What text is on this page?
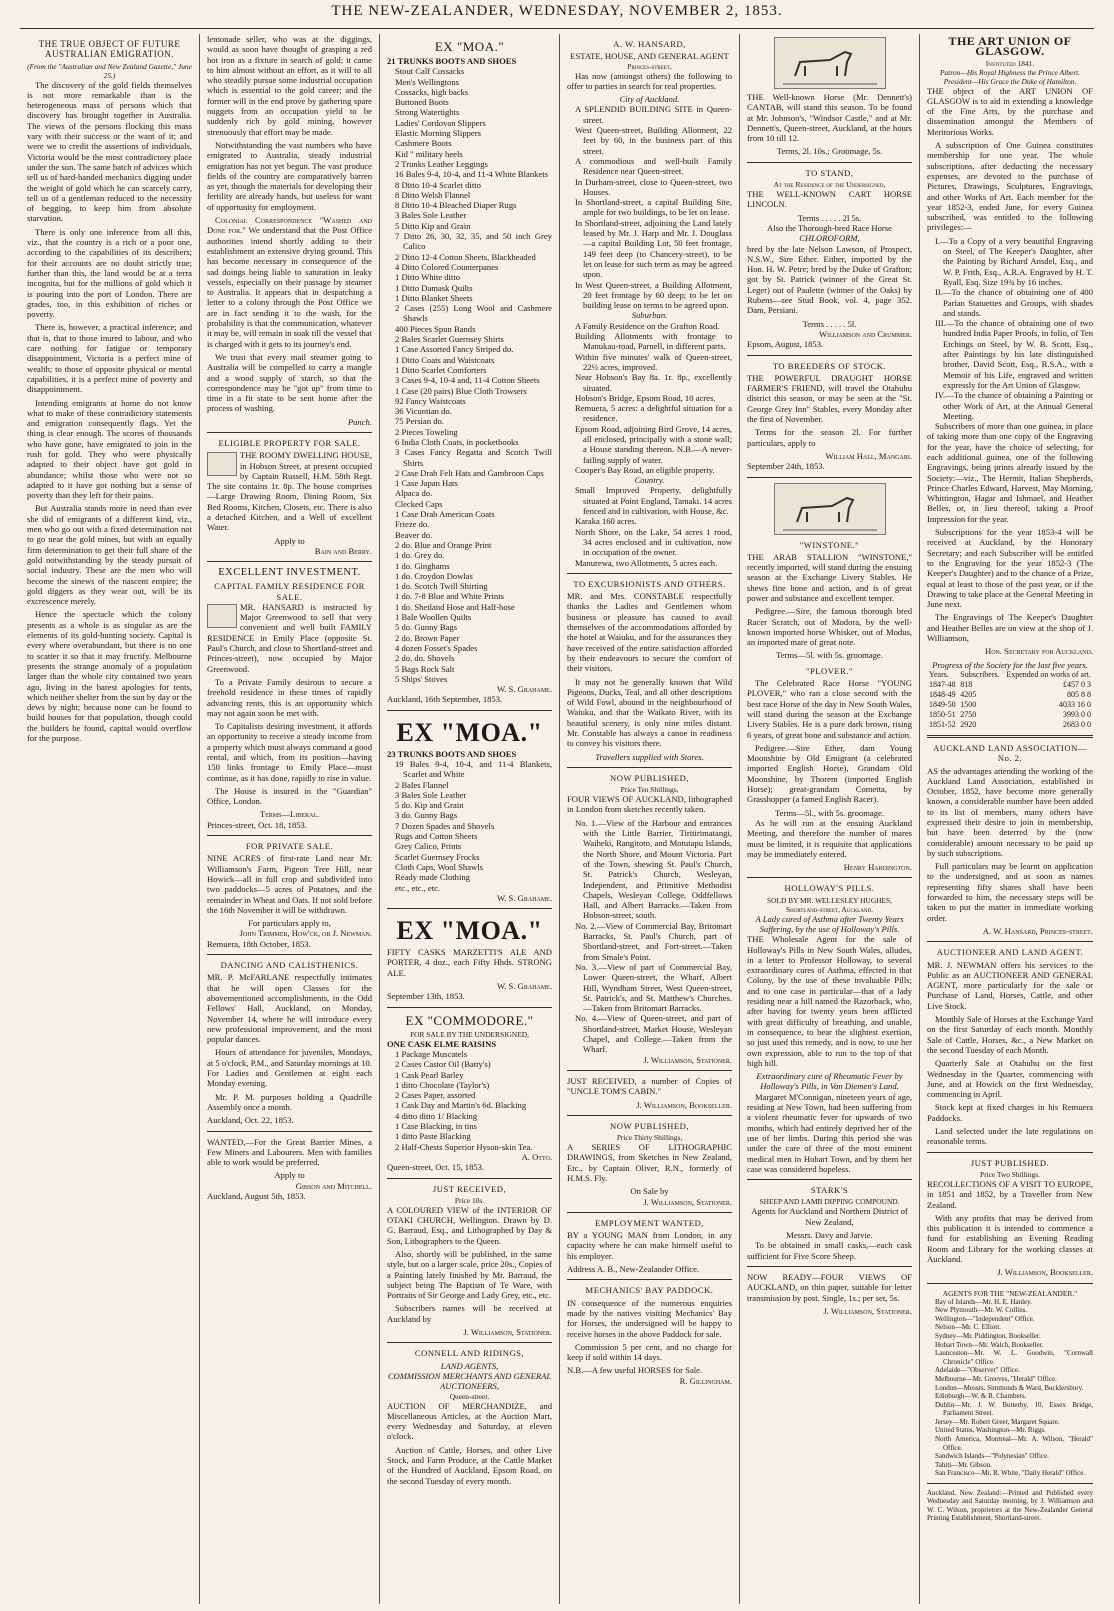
THE NEW-ZEALANDER, WEDNESDAY, NOVEMBER 2, 1853.
THE TRUE OBJECT OF FUTURE AUSTRALIAN EMIGRATION.
(From the "Australian and New Zealand Gazette," June 25.)

The discovery of the gold fields themselves is not more remarkable than is the heterogeneous mass of persons which that discovery has brought together in Australia. The views of the persons flocking this mass vary with their success or the want of it; and were we to credit the assertions of individuals, Victoria would be the most contradictory place under the sun. The same batch of advices which tell us of hard-handed mechanics digging under the weight of gold which he can scarcely carry, tell us of a gentleman reduced to the necessity of begging, to keep him from absolute starvation.

There is only one inference from all this, viz., that the country is a rich or a poor one, according to the capabilities of its describers; for their accounts are no doubt strictly true; further than this, the land would be at a terra incognita, but for the millions of gold which it is pouring into the port of London. There are grades, too, in this exhibition of riches or poverty.

There is, however, a practical inference; and that is, that to those inured to labour, and who care nothing for fatigue or temporary disappointment, Victoria is a perfect mine of wealth; to those of opposite physical or mental capabilities, it is a perfect mine of poverty and disappointment.

Intending emigrants at home do not know what to make of these contradictory statements and emigration consequently flags. Yet the thing is clear enough. The scores of thousands who have gone, have emigrated to join in the rush for gold. They who were physically adapted to their object have got gold in abundance; whilst those who were not so adapted to it have got nothing but a sense of poverty than they left for their pains.

But Australia stands more in need than ever she did of emigrants of a different kind, viz., men who go out with a fixed determination not to go near the gold mines, but with an equally firm determination to get their full share of the gold notwithstanding by the steady pursuit of social industry. These are the men who will become the sinews of the nascent empire; the gold diggers as they wear out, will be its excrescence merely.

Hence the spectacle which the colony presents as a whole is as singular as are the elements of its gold-hunting society. Capital is every where overabundant, but there is no one to scatter it so that it may fructify. Melbourne presents the strange anomaly of a population larger than the whole city contained two years ago, living in the barest apologies for tents, which neither shelter from the sun by day or the dews by night; because none can be found to build houses for that population, though could the builders be found, capital would overflow for the purpose.

lemonade seller, who was at the diggings, would as soon have thought of grasping a red hot iron as a fixture in search of gold; it came to him almost without an effort, as it will to all who steadily pursue some industrial occupation which is essential to the gold career; and the former will in the end prove by gathering spare nuggets from an occupation yield to be suddenly rich by gold mining, however strenuously that effort may be made.

Notwithstanding the vast numbers who have emigrated to Australia, steady industrial emigration has not yet begun. The vast produce fields of the country are comparatively barren as yet, though the materials for developing their fertility are already hands, but useless for want of opportunity for employment.

Colonial Correspondence "Washed and Done for." We understand that the Post Office authorities intend shortly adding to their establishment an extensive drying ground. This has become necessary in consequence of the sad doings being liable to saturation in leaky vessels, especially on their passage by steamer to Australia. It appears that in despatching a letter to a colony through the Post Office we are in fact sending it to the wash, for the probability is that the communication, whatever it may be, will remain in soak till the vessel that is charged with it gets to its journey's end.

We trust that every mail steamer going to Australia will be compelled to carry a mangle and a wood supply of starch, so that the correspondence may be "got up" from time to time in a fit state to be sent home after the process of washing.

Punch.
ELIGIBLE PROPERTY FOR SALE.

THE ROOMY DWELLING HOUSE, in Hobson Street, at present occupied by Captain Russell, H.M. 58th Regt. The site contains 1r. 8p. The house comprises—Large Drawing Room, Dining Room, Six Bed Rooms, Kitchen, Closets, etc. There is also a detached Kitchen, and a Well of excellent Water.

Apply to
Bain and Berry.
EXCELLENT INVESTMENT.
CAPITAL FAMILY RESIDENCE FOR SALE.

MR. HANSARD is instructed by Major Greenwood to sell that very convenient and well built FAMILY RESIDENCE in Emily Place (opposite St. Paul's Church, and close to Shortland-street and Princes-street), now occupied by Major Greenwood.

To a Private Family desirous to secure a freehold residence in these times of rapidly advancing rents, this is an opportunity which may not again soon be met with.

To Capitalists desiring investment, it affords an opportunity to receive a steady income from a property which must always command a good rental, and which, from its position—having 150 links frontage to Emily Place—must continue, as it has done, rapidly to rise in value.

The House is insured in the "Guardian" Office, London.

Terms—Liberal.
Princes-street, Oct. 18, 1853.
FOR PRIVATE SALE.

NINE ACRES of first-rate Land near Mr. Williamson's Farm, Pigeon Tree Hill, near Howick—all in full crop and subdivided into two paddocks—5 acres of Potatoes, and the remainder in Wheat and Oats. If not sold before the 16th November it will be withdrawn.

For particulars apply to,
John Trimmer, How'ck, or J. Newman.
Remuera, 18th October, 1853.
DANCING AND CALISTHENICS.

MR. P. McFARLANE respectfully intimates that he will open Classes for the abovementioned accomplishments, in the Odd Fellows' Hall, Auckland, on Monday, November 14, where he will introduce every new professional improvement, and the most popular dances.

Hours of attendance for juveniles, Mondays, at 5 o'clock, P.M., and Saturday mornings at 10. For Ladies and Gentlemen at eight each Monday evening.

Mr. P. M. purposes holding a Quadrille Assembly once a month.

Auckland, Oct. 22, 1853.

WANTED,—For the Great Barrier Mines, a Few Miners and Labourers. Men with families able to work would be preferred.

Apply to
Gibson and Mitchell.
Auckland, August 5th, 1853.
EX "MOA."
21 TRUNKS BOOTS AND SHOES
Stout Calf Cossacks
Men's Wellingtons
Cossacks, high backs
Buttoned Boots
Strong Watertights
Ladies' Cordovan Slippers
Elastic Morning Slippers
Cashmere Boots
Kid " military heels
2 Trunks Leather Leggings
16 Bales 9-4, 10-4, and 11-4 White Blankets
8 Ditto 10-4 Scarlet ditto
8 Ditto Welsh Flannel
8 Ditto 10-4 Bleached Diaper Rugs
3 Bales Sole Leather
5 Ditto Kip and Grain
7 Ditto 26, 30, 32, 35, and 50 inch Grey Calico
2 Ditto 12-4 Cotton Sheets, Blackheaded
4 Ditto Colored Counterpanes
1 Ditto White ditto
1 Ditto Damask Quilts
1 Ditto Blanket Sheets
2 Cases (255) Long Wool and Cashmere Shawls
400 Pieces Spun Bands
2 Bales Scarlet Guernsey Shirts
1 Case Assorted Fancy Striped do.
1 Ditto Coats and Waistcoats
1 Ditto Scarlet Comforters
3 Cases 9-4, 10-4 and, 11-4 Cotton Sheets
1 Case (20 pairs) Blue Cloth Trowsers
92 Fancy Waistcoats
36 Vicuntian do.
75 Persian do.
2 Pieces Toweling
6 India Cloth Coats, in pocketbooks
3 Cases Fancy Regatta and Scotch Twill Shirts
2 Case Drab Felt Hats and Gambroon Caps
1 Case Japan Hats
Alpaca do.
Clecked Caps
1 Case Drab American Coats
Frieze do.
Beaver do.
2 do. Blue and Orange Print
1 do. Grey do.
1 do. Ginghams
1 do. Croydon Dowlas
1 do. Scotch Twill Shirting
1 do. 7-8 Blue and White Prints
1 do. Shetland Hose and Half-hose
1 Bale Woollen Quilts
5 do. Gunny Bags
2 do. Brown Paper
4 dozen Fosset's Spades
2 do. do. Shovels
5 Bags Rock Salt
5 Ships' Stoves
W. S. Grahame.
Auckland, 16th September, 1853.
EX "MOA."
23 TRUNKS BOOTS AND SHOES
19 Bales 9-4, 10-4, and 11-4 Blankets, Scarlet and White
2 Bales Flannel
3 Bales Sole Leather
5 do. Kip and Grain
3 do. Gunny Bags
7 Dozen Spades and Shovels
Rugs and Cotton Sheets
Grey Calico, Prints
Scarlet Guernsey Frocks
Cloth Caps, Wool Shawls
Ready made Clothing
etc., etc., etc.
W. S. Grahame.
EX "MOA."

FIFTY CASKS MARZETTI'S ALE AND PORTER, 4 doz., each Fifty Hhds. STRONG ALE.

W. S. Grahame.
September 13th, 1853.
EX "COMMODORE."
FOR SALE BY THE UNDERSIGNED,
ONE CASK ELME RAISINS
1 Package Muscatels
2 Cases Castor Oil (Batty's)
1 Cask Pearl Barley
1 ditto Chocolate (Taylor's)
2 Cases Paper, assorted
1 Cask Day and Martin's 6d. Blacking
4 ditto ditto 1/ Blacking
1 Case Blacking, in tins
1 ditto Paste Blacking
2 Half-Chests Superior Hyson-skin Tea.
A. Otto.
Queen-street, Oct. 15, 1853.
JUST RECEIVED,
Price 10s.

A COLOURED VIEW of the INTERIOR OF OTAKI CHURCH, Wellington. Drawn by D. G. Barraud, Esq., and Lithographed by Day & Son, Lithographers to the Queen.

Also, shortly will be published, in the same style, but on a larger scale, price 20s., Copies of a Painting lately finished by Mr. Barraud, the subject being The Baptism of Te Ware, with Portraits of Sir George and Lady Grey, etc., etc.

Subscribers names will be received at Auckland by

J. Williamson, Stationer.
CONNELL AND RIDINGS,
LAND AGENTS,
COMMISSION MERCHANTS AND GENERAL AUCTIONEERS,
Queen-street.

AUCTION OF MERCHANDIZE, and Miscellaneous Articles, at the Auction Mart, every Wednesday and Saturday, at eleven o'clock.

Auction of Cattle, Horses, and other Live Stock, and Farm Produce, at the Cattle Market of the Hundred of Auckland, Epsom Road, on the second Tuesday of every month.

A. W. HANSARD,
ESTATE, HOUSE, AND GENERAL AGENT
Princes-street,

Has now (amongst others) the following to offer to parties in search for real properties.

City of Auckland.
A SPLENDID BUILDING SITE in Queen-street.
West Queen-street, Building Allotment, 22 feet by 60, in the business part of this street.
A commodious and well-built Family Residence near Queen-street.
In Durham-street, close to Queen-street, two Houses.
In Shortland-street, a capital Building Site, ample for two buildings, to be let on lease.
In Shortland-street, adjoining the Land lately leased by Mr. J. Harp and Mr. J. Douglass—a capital Building Lot, 50 feet frontage, 149 feet deep (to Chancery-street), to be let on lease for such term as may be agreed upon.
In West Queen-street, a Building Allotment, 20 feet frontage by 60 deep; to be let on building lease on terms to be agreed upon.
Suburban.
A Family Residence on the Grafton Road.
Building Allotments with frontage to Manukau-road, Parnell, in different parts.
Within five minutes' walk of Queen-street, 22½ acres, improved.
Near Hobson's Bay 8a. 1r. 8p., excellently situated.
Hobson's Bridge, Epsom Road, 10 acres.
Remuera, 5 acres: a delightful situation for a residence.
Epsom Road, adjoining Bird Grove, 14 acres, all enclosed, principally with a stone wall; a House standing thereon. N.B.—A never-failing supply of water.
Cooper's Bay Road, an eligible property.
Country.
Small Improved Property, delightfully situated at Point England, Tamaki. 14 acres fenced and in cultivation, with House, &c.
Karaka 160 acres.
North Shore, on the Lake, 54 acres 1 rood, 34 acres enclosed and in cultivation, now in occupation of the owner.
Manurewa, two Allotments, 5 acres each.
TO EXCURSIONISTS AND OTHERS.

MR. and Mrs. CONSTABLE respectfully thanks the Ladies and Gentlemen whom business or pleasure has caused to avail themselves of the accommodations afforded by the hotel at Waiuku, and for the assurances they have received of the entire satisfaction afforded by their endeavours to secure the comfort of their visitors.

It may not be generally known that Wild Pigeons, Ducks, Teal, and all other descriptions of Wild Fowl, abound in the neighbourhood of Waiuku, and that the Waikato River, with its beautiful scenery, is only nine miles distant. Mr. Constable has always a canoe in readiness to convey his visitors there.

Travellers supplied with Stores.
NOW PUBLISHED,
Price Ten Shillings,

FOUR VIEWS OF AUCKLAND, lithographed in London from sketches recently taken.

No. 1.—View of the Harbour and entrances with the Little Barrier, Tiritirimatangi, Waiheki, Rangitoto, and Motutapu Islands, the North Shore, and Mount Victoria. Part of the Town, shewing St. Paul's Church, St. Patrick's Church, Wesleyan, Independent, and Primitive Methodist Chapels, Wesleyan College, Oddfellows Hall, and Albert Barracks.—Taken from Hobson-street, south.
No. 2.—View of Commercial Bay, Britomart Barracks, St. Paul's Church, part of Shortland-street, and Fort-street.—Taken from Smale's Point.
No. 3.—View of part of Commercial Bay, Lower Queen-street, the Wharf, Albert Hill, Wyndham Street, West Queen-street, St. Patrick's, and St. Matthew's Churches.—Taken from Britomart Barracks.
No. 4.—View of Queen-street, and part of Shortland-street, Market House, Wesleyan Chapel, and College.—Taken from the Wharf.
J. Williamson, Stationer.

JUST RECEIVED, a number of Copies of "UNCLE TOM'S CABIN."

J. Williamson, Bookseller.
NOW PUBLISHED,
Price Thirty Shillings,

A SERIES OF LITHOGRAPHIC DRAWINGS, from Sketches in New Zealand, Etc., by Captain Oliver, R.N., formerly of H.M.S. Fly.

On Sale by
J. Williamson, Stationer.
EMPLOYMENT WANTED,

BY a YOUNG MAN from London, in any capacity where he can make himself useful to his employer.

Address A. B., New-Zealander Office.
MECHANICS' BAY PADDOCK.

IN consequence of the numerous enquiries made by the natives visiting Mechanics' Bay for Horses, the undersigned will be happy to receive horses in the above Paddock for sale.

Commission 5 per cent, and no charge for keep if sold within 14 days.

N.B.—A few useful HORSES for Sale.
R. Gillingham.

THE Well-known Horse (Mr. Dennett's) CANTAB, will stand this season. To be found at Mr. Johnson's, "Windsor Castle," and at Mr. Dennett's, Queen-street, Auckland, at the hours from 10 till 12.

Terms, 2l. 10s.; Groomage, 5s.
TO STAND,
At the Residence of the Undersigned,

THE WELL-KNOWN CART HORSE LINCOLN.

Terms . . . . . 2l 5s.
Also the Thorough-bred Race Horse
CHLOROFORM,

bred by the late Nelson Lawson, of Prospect, N.S.W., Sire Ether. Either, imported by the Hon. H. W. Petre; bred by the Duke of Grafton; got by St. Patrick (winner of the Great St. Leger) out of Paulette (winner of the Oaks) by Rubens—see Stud Book, vol. 4, page 352. Dam, Persiani.

Terms . . . . . 5l.
Williamson and Crummer.
Epsom, August, 1853.
TO BREEDERS OF STOCK.

THE POWERFUL DRAUGHT HORSE FARMER'S FRIEND, will travel the Otahuhu district this season, or may be seen at the "St. George Grey Inn" Stables, every Monday after the first of November.

Terms for the season 2l. For further particulars, apply to

William Hall, Mangari.
September 24th, 1853.
"WINSTONE."

THE ARAB STALLION "WINSTONE," recently imported, will stand during the ensuing season at the Exchange Livery Stables. He shews fine bone and action, and is of great power and substance and excellent temper.

Pedigree.—Sire, the famous thorough bred Racer Scratch, out of Modora, by the well-known imported horse Whisker, out of Modus, an imported mare of great note.

Terms—5l. with 5s. groomage.
"PLOVER."

The Celebrated Race Horse "YOUNG PLOVER," who ran a close second with the best race Horse of the day in New South Wales, will stand during the season at the Exchange Livery Stables. He is a pure dark brown, rising 6 years, of great bone and substance and action.

Pedigree.—Sire Ether, dam Young Moonshine by Old Emigrant (a celebrated imported English Horse), Grandam Old Moonshine, by Thorem (imported English Horse); great-grandam Cometta, by Grasshopper (a famed English Racer).

Terms—5l., with 5s. groomage.

As he will run at the ensuing Auckland Meeting, and therefore the number of mares must be limited, it is requisite that applications may be immediately entered.

Henry Hardington.
HOLLOWAY'S PILLS.
SOLD BY MR. WELLESLEY HUGHES,
Shortland-street, Auckland.
A Lady cured of Asthma after Twenty Years Suffering, by the use of Holloway's Pills.

THE Wholesale Agent for the sale of Holloway's Pills in New South Wales, alludes, in a letter to Professor Holloway, to several extraordinary cures of Asthma, effected in that Colony, by the use of these invaluable Pills; and to one case in particular—that of a lady residing near a hill named the Razorback, who, after having for twenty years been afflicted with great difficulty of breathing, and unable, in consequence, to bear the slightest exertion, so just used this remedy, and is now, to use her own expression, able to run to the top of that high hill.

Extraordinary cure of Rheumatic Fever by Holloway's Pills, in Van Diemen's Land.

Margaret M'Connigan, nineteen years of age, residing at New Town, had been suffering from a violent rheumatic fever for upwards of two months, which had entirely deprived her of the use of her limbs. During this period she was under the care of three of the most eminent medical men in Hobart Town, and by them her case was considered hopeless.

STARK'S
SHEEP AND LAMB DIPPING COMPOUND.

Agents for Auckland and Northern District of New Zealand,

Messrs. Davy and Jarvie.

To be obtained in small casks,—each cask sufficient for Five Score Sheep.

NOW READY—FOUR VIEWS OF AUCKLAND, on thin paper, suitable for letter transmission by post. Single, 1s.; per set, 5s.

J. Williamson, Stationer.
THE ART UNION OF GLASGOW.
Instituted 1841.
Patron—His Royal Highness the Prince Albert.
President—His Grace the Duke of Hamilton.

THE object of the ART UNION OF GLASGOW is to aid in extending a knowledge of the Fine Arts, by the purchase and dissemination amongst the Members of Meritorious Works.

A subscription of One Guinea constitutes membership for one year. The whole subscriptions, after deducting the necessary expenses, are devoted to the purchase of Pictures, Drawings, Sculptures, Engravings, and other Works of Art. Each member for the year 1852-3, ended June, for every Guinea subscribed, was entitled to the following privileges:—

I.—To a Copy of a very beautiful Engraving on Steel, of The Keeper's Daughter, after the Painting by Richard Ansdel, Esq., and W. P. Frith, Esq., A.R.A. Engraved by H. T. Ryall, Esq. Size 19¾ by 16 inches.
II.—To the chance of obtaining one of 400 Parian Statuettes and Groups, with shades and stands.
III.—To the chance of obtaining one of two hundred India Paper Proofs, in folio, of Ten Etchings on Steel, by W. B. Scott, Esq., after Paintings by his late distinguished brother, David Scott, Esq., R.S.A., with a Memoir of his Life, engraved and written expressly for the Art Union of Glasgow.
IV.—To the chance of obtaining a Painting or other Work of Art, at the Annual General Meeting.

Subscribers of more than one guinea, in place of taking more than one copy of the Engraving for the year, have the choice of selecting, for each additional guinea, one of the following Engravings, being prints already issued by the Society:—viz., The Hermit, Italian Shepherds, Prince Charles Edward, Harvest, May Morning, Whittington, Hagar and Ishmael, and Heather Belles, or, in lieu thereof, taking a Proof Impression for the year.

Subscriptions for the year 1853-4 will be received at Auckland, by the Honorary Secretary; and each Subscriber will be entitled to the Engraving for the year 1852-3 (The Keeper's Daughter) and to the chance of a Prize, equal at least to those of the past year, or if the Drawing to take place at the General Meeting in June next.

The Engravings of The Keeper's Daughter and Heather Belles are on view at the shop of J. Williamson,

Hon. Secretary for Auckland.
Progress of the Society for the last five years.
Years.	Subscribers.	Expended on works of art.
1847-48	818	£457 0 3
1848-49	4205	805 8 8
1849-50	1500	4033 16 0
1850-51	2750	3993 0 0
1851-52	2920	2683 0 0
AUCKLAND LAND ASSOCIATION—No. 2.

AS the advantages attending the working of the Auckland Land Association, established in October, 1852, have become more generally known, a considerable number have been added to its list of members, many others have expressed their desire to join in membership, but have been deterred by the (now considerable) amount necessary to be paid up by such subscriptions.

Full particulars may be learnt on application to the undersigned, and as soon as names representing fifty shares shall have been forwarded to him, the necessary steps will be taken to put the matter in immediate working order.

A. W. Hansard, Princes-street.
AUCTIONEER AND LAND AGENT.

MR. J. NEWMAN offers his services to the Public as an AUCTIONEER AND GENERAL AGENT, more particularly for the sale or Purchase of Land, Horses, Cattle, and other Live Stock.

Monthly Sale of Horses at the Exchange Yard on the first Saturday of each month. Monthly Sale of Cattle, Horses, &c., a New Market on the second Tuesday of each Month.

Quarterly Sale at Otahuhu on the first Wednesday in the Quarter, commencing with June, and at Howick on the first Wednesday, commencing in April.

Stock kept at fixed charges in his Remuera Paddocks.

Land selected under the late regulations on reasonable terms.

JUST PUBLISHED.
Price Two Shillings.

RECOLLECTIONS OF A VISIT TO EUROPE, in 1851 and 1852, by a Traveller from New Zealand.

With any profits that may be derived from this publication it is intended to commence a fund for establishing an Evening Reading Room and Library for the working classes at Auckland.

J. Williamson, Bookseller.
AGENTS FOR THE "NEW-ZEALANDER."
Bay of Islands—Mr. H. E. Hanley.
New Plymouth—Mr. W. Collins.
Wellington—"Independent" Office.
Nelson—Mr. C. Elliott.
Sydney—Mr. Piddington, Bookseller.
Hobart Town—Mr. Walch, Bookseller.
Launceston—Mr. W. L. Goodwin, "Cornwall Chronicle" Office.
Adelaide—"Observer" Office.
Melbourne—Mr. Greeves, "Herald" Office.
London—Messrs. Simmonds & Ward, Bucklersbury.
Edinburgh—W. & R. Chambers.
Dublin—Mr. J. W. Butterby, 10, Essex Bridge, Parliament Street.
Jersey—Mr. Robert Greer, Margaret Square.
United States, Washington—Mr. Riggs.
North America, Montreal—Mr. A. Wilson, "Herald" Office.
Sandwich Islands—"Polynesian" Office.
Tahiti—Mr. Gibson.
San Francisco—Mr. R. White, "Daily Herald" Office.
Auckland, New Zealand:—Printed and Published every Wednesday and Saturday morning, by J. Williamson and W. C. Wilson, proprietors at the New-Zealander General Printing Establishment, Shortland-street.
